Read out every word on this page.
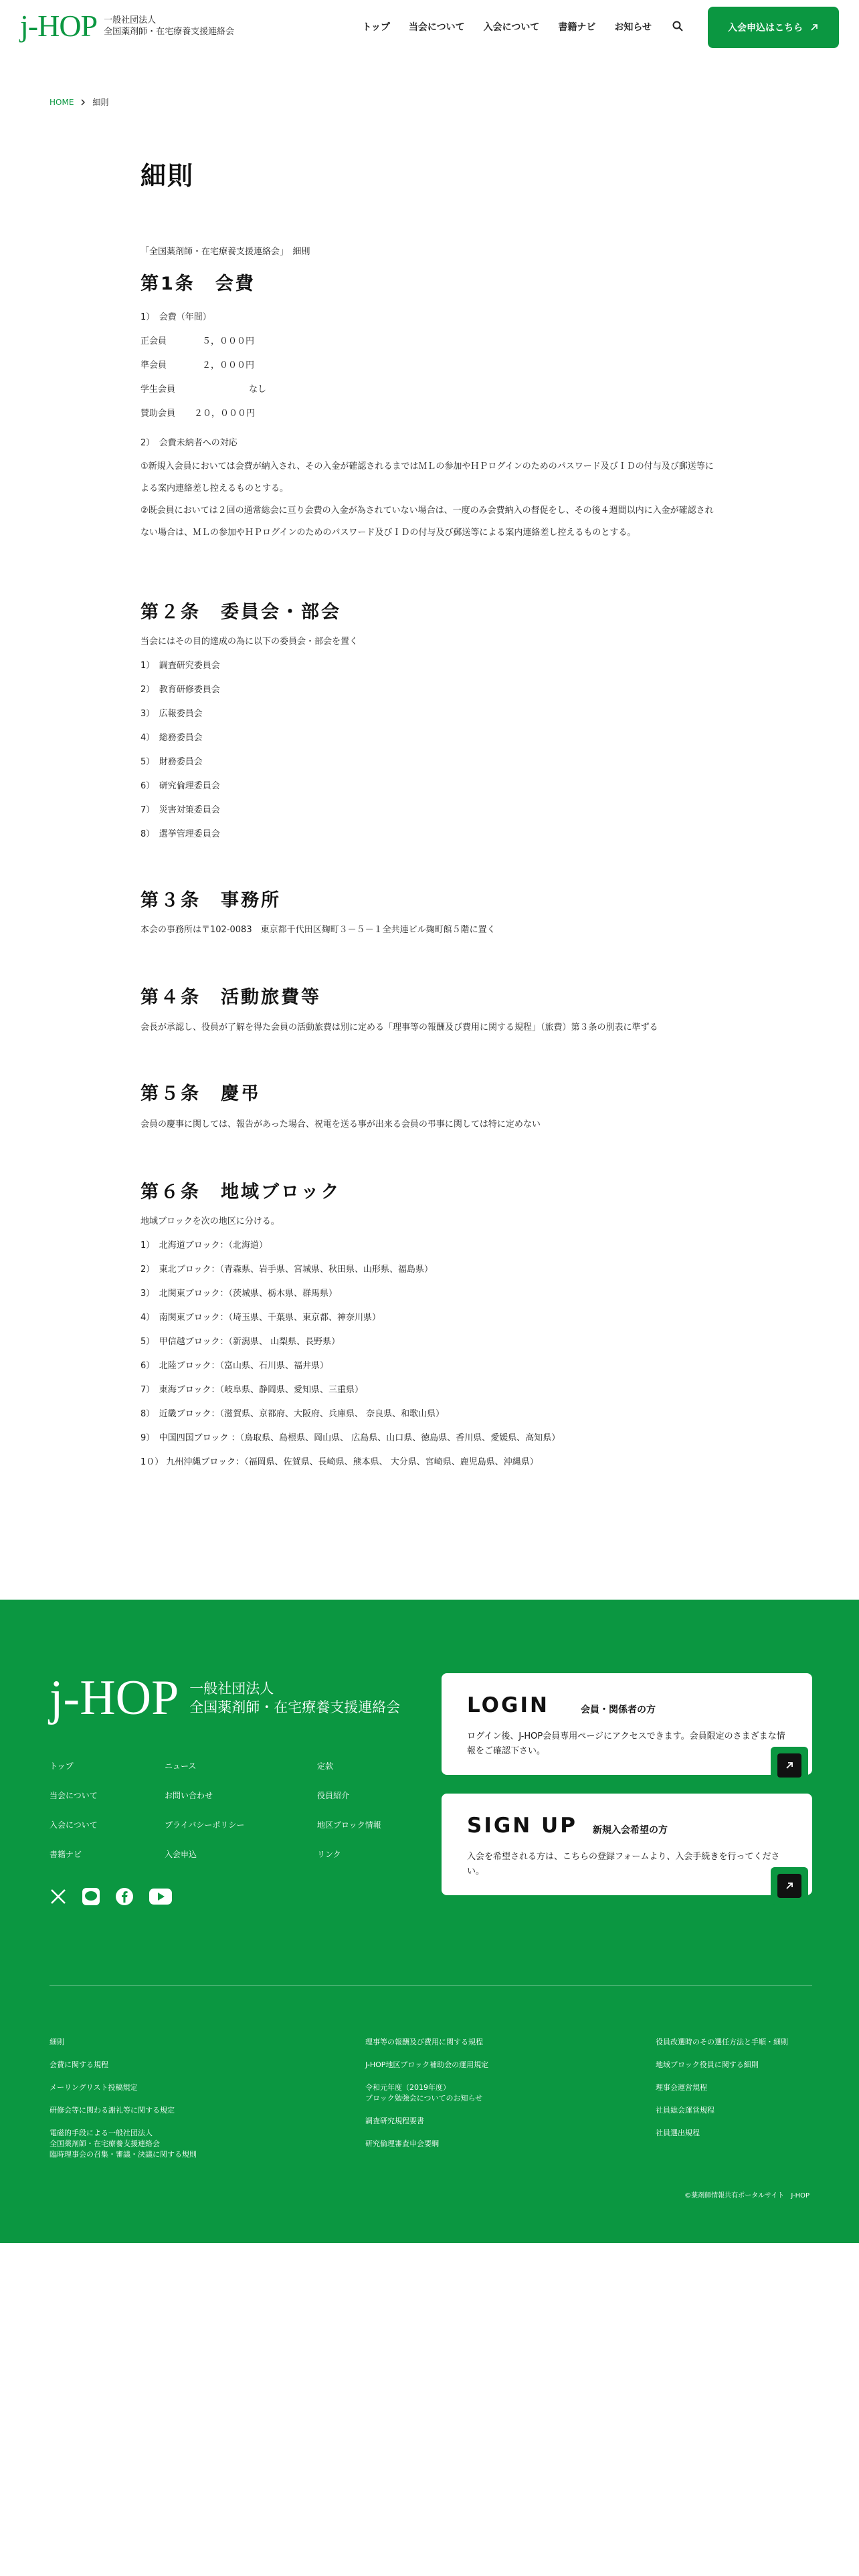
j-HOP 一般社団法人
全国薬剤師・在宅療養支援連絡会	トップ 当会について 入会について 書籍ナビ お知らせ	入会申込はこちら
HOME 細則
細則

「全国薬剤師・在宅療養支援連絡会」　細則

第1条　会費
1）　会費（年間）
正会員	５，０００円
準会員	２，０００円
学生会員	なし
賛助会員 ２０，０００円
2）　会費未納者への対応

①新規入会員においては会費が納入され、その入金が確認されるまではＭＬの参加やＨＰログインのためのパスワード及びＩＤの付与及び郵送等による案内連絡差し控えるものとする。

②既会員においては２回の通常総会に亘り会費の入金が為されていない場合は、一度のみ会費納入の督促をし、その後４週間以内に入金が確認されない場合は、ＭＬの参加やＨＰログインのためのパスワード及びＩＤの付与及び郵送等による案内連絡差し控えるものとする。

第２条　委員会・部会
当会にはその目的達成の為に以下の委員会・部会を置く
1）　調査研究委員会
2）　教育研修委員会
3）　広報委員会
4）　総務委員会
5）　財務委員会
6）　研究倫理委員会
7）　災害対策委員会
8）　選挙管理委員会
第３条　事務所
本会の事務所は〒102-0083　東京都千代田区麹町３－５－１全共連ビル麹町館５階に置く
第４条　活動旅費等

会長が承認し、役員が了解を得た会員の活動旅費は別に定める「理事等の報酬及び費用に関する規程」（旅費）第３条の別表に準ずる

第５条　慶弔
会員の慶事に関しては、報告があった場合、祝電を送る事が出来る会員の弔事に関しては特に定めない
第６条　地域ブロック
地域ブロックを次の地区に分ける。
1）　北海道ブロック：（北海道）
2）　東北ブロック：（青森県、岩手県、宮城県、秋田県、山形県、福島県）
3）　北関東ブロック：（茨城県、栃木県、群馬県）
4）　南関東ブロック：（埼玉県、千葉県、東京都、神奈川県）
5）　甲信越ブロック：（新潟県、 山梨県、長野県）
6）　北陸ブロック：（富山県、石川県、福井県）
7）　東海ブロック：（岐阜県、静岡県、愛知県、三重県）
8）　近畿ブロック：（滋賀県、京都府、大阪府、兵庫県、 奈良県、和歌山県）
9）　中国四国ブロック ：（鳥取県、島根県、岡山県、 広島県、山口県、徳島県、香川県、愛媛県、高知県）
1０） 九州沖縄ブロック：（福岡県、佐賀県、長崎県、熊本県、 大分県、宮崎県、鹿児島県、沖縄県）
j-HOP 一般社団法人
全国薬剤師・在宅療養支援連絡会
トップ	ニュース	定款
当会について	お問い合わせ	役員紹介
入会について	プライバシーポリシー	地区ブロック情報
書籍ナビ	入会申込	リンク
LOGIN	会員・関係者の方

ログイン後、J-HOP会員専用ページにアクセスできます。会員限定のさまざまな情報をご確認下さい。

SIGN UP 新規入会希望の方

入会を希望される方は、こちらの登録フォームより、入会手続きを行ってください。

細則
会費に関する規程
メーリングリスト投稿規定
研修会等に関わる謝礼等に関する規定
電磁的手段による一般社団法人
全国薬剤師・在宅療養支援連絡会
臨時理事会の召集・審議・決議に関する規則
理事等の報酬及び費用に関する規程
J-HOP地区ブロック補助金の運用規定
令和元年度（2019年度）
ブロック勉強会についてのお知らせ
調査研究規程要書
研究倫理審査申会要綱
役員改選時のその選任方法と手順・細則
地域ブロック役員に関する細則
理事会運営規程
社員総会運営規程
社員選出規程
©薬剤師情報共有ポータルサイト　J-HOP
